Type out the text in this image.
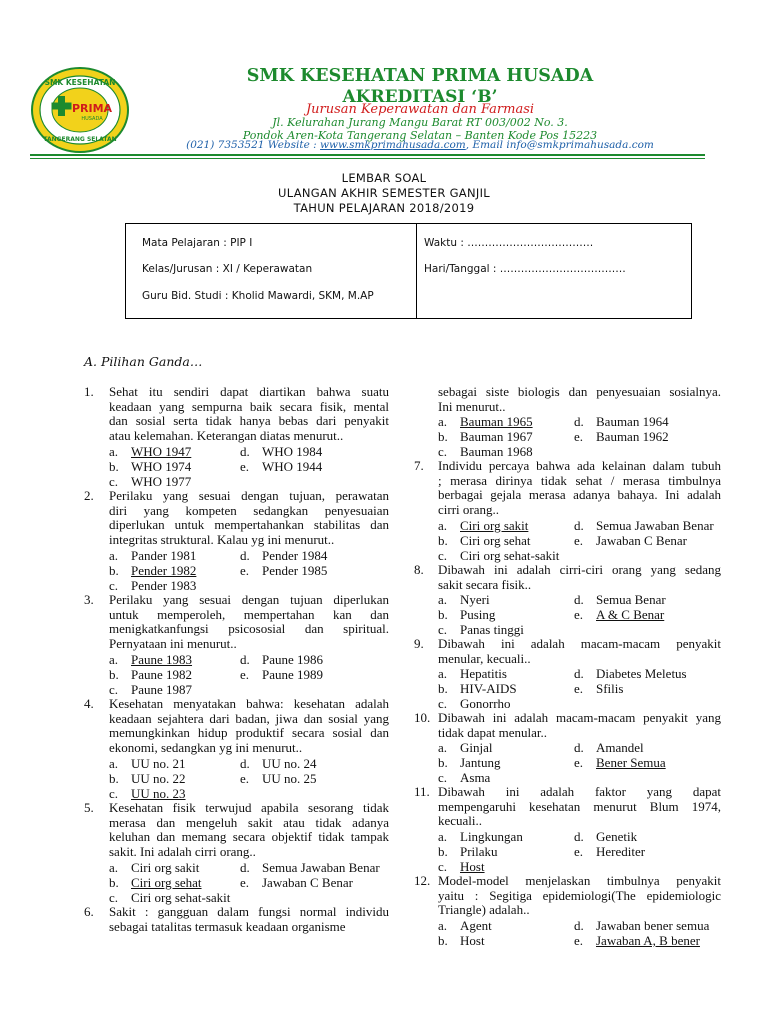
SMK KESEHATAN
PRIMA
HUSADA
TANGERANG SELATAN
SMK KESEHATAN PRIMA HUSADA
AKREDITASI ‘B’
Jurusan Keperawatan dan Farmasi
Jl. Kelurahan Jurang Mangu Barat RT 003/002 No. 3.
Pondok Aren-Kota Tangerang Selatan – Banten Kode Pos 15223
(021) 7353521 Website : www.smkprimahusada.com, Email info@smkprimahusada.com
LEMBAR SOAL
ULANGAN AKHIR SEMESTER GANJIL
TAHUN PELAJARAN 2018/2019
Mata Pelajaran : PIP I
Kelas/Jurusan : XI / Keperawatan
Guru Bid. Studi : Kholid Mawardi, SKM, M.AP
Waktu : ………………………………
Hari/Tanggal : ………………………………
A. Pilihan Ganda…
1. Sehat itu sendiri dapat diartikan bahwa suatu
keadaan yang sempurna baik secara fisik, mental
dan sosial serta tidak hanya bebas dari penyakit
atau kelemahan. Keterangan diatas menurut..
a. WHO 1947	d. WHO 1984
b. WHO 1974	e. WHO 1944
c. WHO 1977
2. Perilaku yang sesuai dengan tujuan, perawatan
diri yang kompeten sedangkan penyesuaian
diperlukan untuk mempertahankan stabilitas dan
integritas struktural. Kalau yg ini menurut..
a. Pander 1981	d. Pender 1984
b. Pender 1982	e. Pender 1985
c. Pender 1983
3. Perilaku yang sesuai dengan tujuan diperlukan
untuk memperoleh, mempertahan kan dan
menigkatkanfungsi psicososial dan spiritual.
Pernyataan ini menurut..
a. Paune 1983	d. Paune 1986
b. Paune 1982	e. Paune 1989
c. Paune 1987
4. Kesehatan menyatakan bahwa: kesehatan adalah
keadaan sejahtera dari badan, jiwa dan sosial yang
memungkinkan hidup produktif secara sosial dan
ekonomi, sedangkan yg ini menurut..
a. UU no. 21	d. UU no. 24
b. UU no. 22	e. UU no. 25
c. UU no. 23
5. Kesehatan fisik terwujud apabila sesorang tidak
merasa dan mengeluh sakit atau tidak adanya
keluhan dan memang secara objektif tidak tampak
sakit. Ini adalah cirri orang..
a. Ciri org sakit	d. Semua Jawaban Benar
b. Ciri org sehat	e. Jawaban C Benar
c. Ciri org sehat-sakit
6. Sakit : gangguan dalam fungsi normal individu
sebagai tatalitas termasuk keadaan organisme
sebagai siste biologis dan penyesuaian sosialnya.
Ini menurut..
a. Bauman 1965	d. Bauman 1964
b. Bauman 1967	e. Bauman 1962
c. Bauman 1968
7. Individu percaya bahwa ada kelainan dalam tubuh
; merasa dirinya tidak sehat / merasa timbulnya
berbagai gejala merasa adanya bahaya. Ini adalah
cirri orang..
a. Ciri org sakit	d. Semua Jawaban Benar
b. Ciri org sehat	e. Jawaban C Benar
c. Ciri org sehat-sakit
8. Dibawah ini adalah cirri-ciri orang yang sedang
sakit secara fisik..
a. Nyeri	d. Semua Benar
b. Pusing	e. A & C Benar
c. Panas tinggi
9. Dibawah ini adalah macam-macam penyakit
menular, kecuali..
a. Hepatitis	d. Diabetes Meletus
b. HIV-AIDS	e. Sfilis
c. Gonorrho
10. Dibawah ini adalah macam-macam penyakit yang
tidak dapat menular..
a. Ginjal	d. Amandel
b. Jantung	e. Bener Semua
c. Asma
11. Dibawah ini adalah faktor yang dapat
mempengaruhi kesehatan menurut Blum 1974,
kecuali..
a. Lingkungan	d. Genetik
b. Prilaku	e. Herediter
c. Host
12. Model-model menjelaskan timbulnya penyakit
yaitu : Segitiga epidemiologi(The epidemiologic
Triangle) adalah..
a. Agent	d. Jawaban bener semua
b. Host	e. Jawaban A, B bener
